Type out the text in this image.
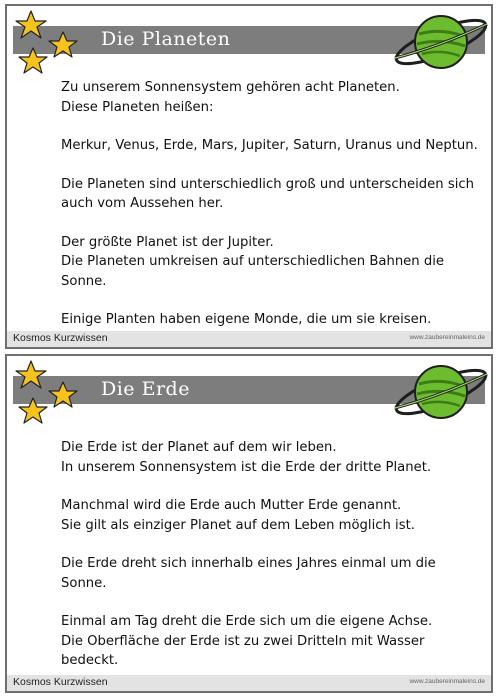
Die Planeten

Zu unserem Sonnensystem gehören acht Planeten.
Diese Planeten heißen:

Merkur, Venus, Erde, Mars, Jupiter, Saturn, Uranus und Neptun.

Die Planeten sind unterschiedlich groß und unterscheiden sich
auch vom Aussehen her.

Der größte Planet ist der Jupiter.
Die Planeten umkreisen auf unterschiedlichen Bahnen die
Sonne.

Einige Planten haben eigene Monde, die um sie kreisen.

Kosmos Kurzwissen	www.zaubereinmaleins.de
Die Erde

Die Erde ist der Planet auf dem wir leben.
In unserem Sonnensystem ist die Erde der dritte Planet.

Manchmal wird die Erde auch Mutter Erde genannt.
Sie gilt als einziger Planet auf dem Leben möglich ist.

Die Erde dreht sich innerhalb eines Jahres einmal um die
Sonne.

Einmal am Tag dreht die Erde sich um die eigene Achse.
Die Oberfläche der Erde ist zu zwei Dritteln mit Wasser
bedeckt.

Kosmos Kurzwissen	www.zaubereinmaleins.de
